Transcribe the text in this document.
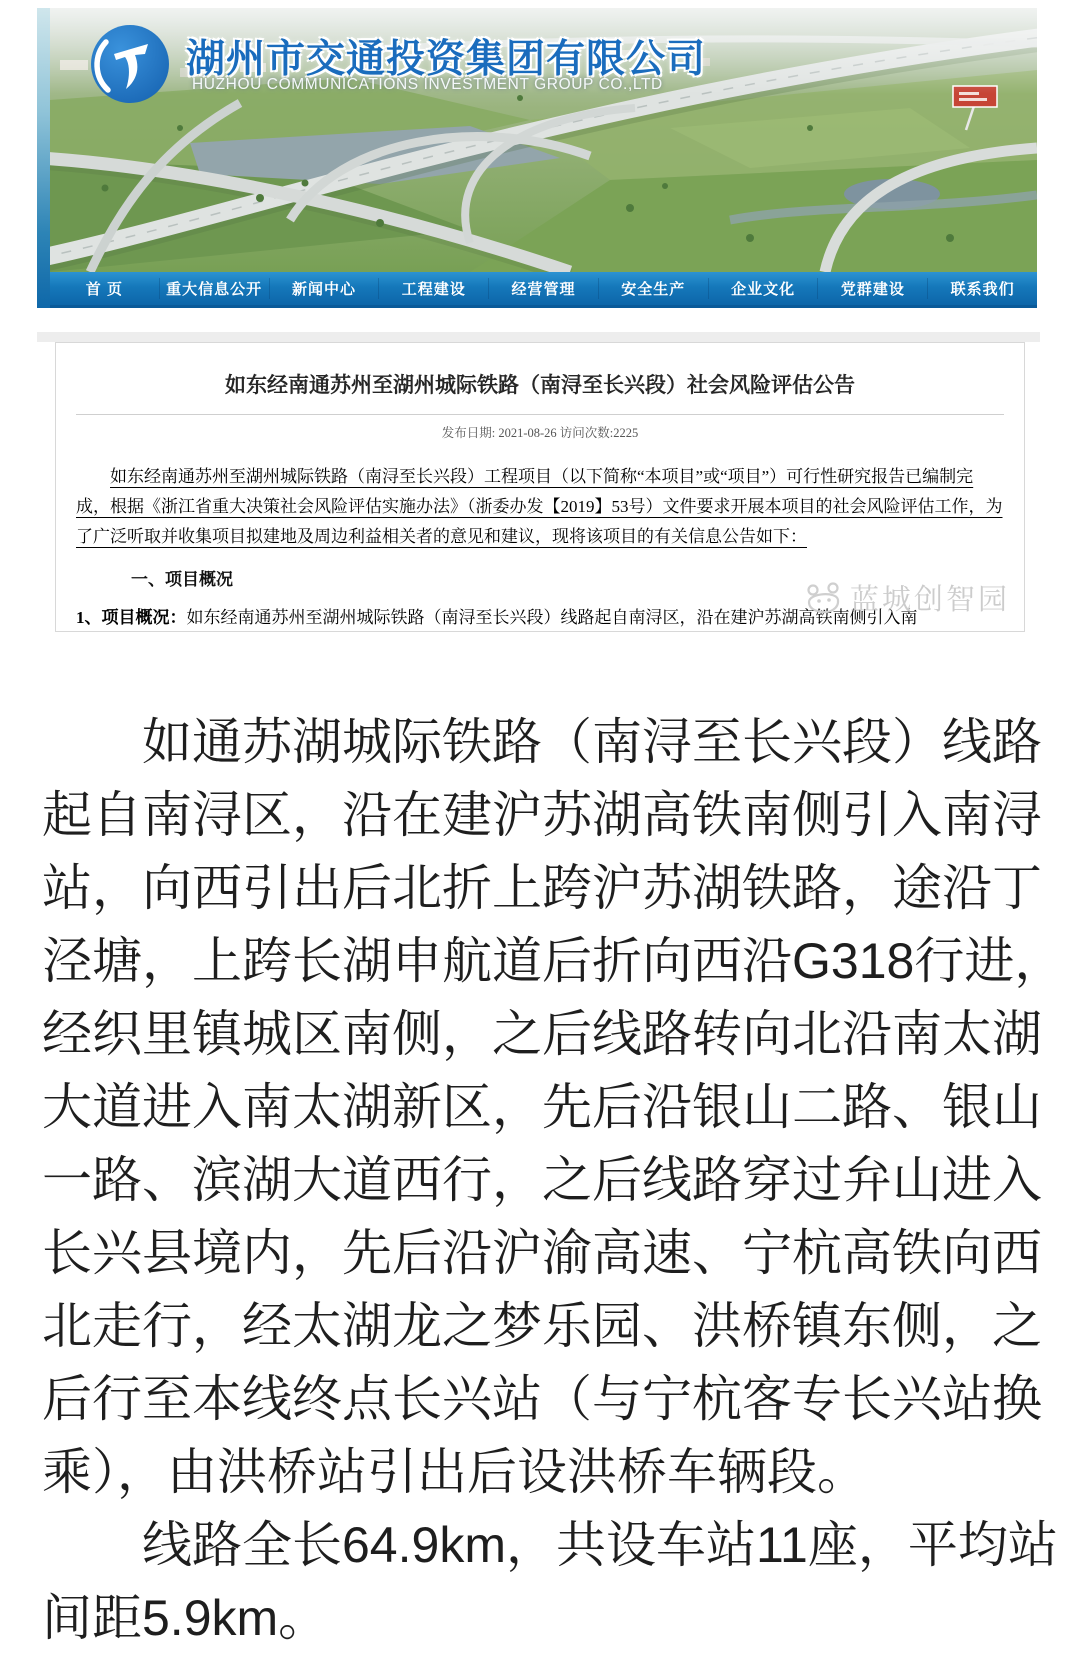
湖州市交通投资集团有限公司
HUZHOU COMMUNICATIONS INVESTMENT GROUP CO.,LTD
首 页	重大信息公开	新闻中心	工程建设	经营管理	安全生产	企业文化	党群建设	联系我们
如东经南通苏州至湖州城际铁路（南浔至长兴段）社会风险评估公告
发布日期: 2021-08-26 访问次数:2225
如东经南通苏州至湖州城际铁路（南浔至长兴段）工程项目（以下简称“本项目”或“项目”）可行性研究报告已编制完成，根据《浙江省重大决策社会风险评估实施办法》（浙委办发【2019】53号）文件要求开展本项目的社会风险评估工作，为了广泛听取并收集项目拟建地及周边利益相关者的意见和建议，现将该项目的有关信息公告如下：
一、项目概况
1、项目概况：如东经南通苏州至湖州城际铁路（南浔至长兴段）线路起自南浔区，沿在建沪苏湖高铁南侧引入南
蓝城创智园
如通苏湖城际铁路（南浔至长兴段）线路
起自南浔区，沿在建沪苏湖高铁南侧引入南浔
站，向西引出后北折上跨沪苏湖铁路，途沿丁
泾塘，上跨长湖申航道后折向西沿G318行进，
经织里镇城区南侧，之后线路转向北沿南太湖
大道进入南太湖新区，先后沿银山二路、银山
一路、滨湖大道西行，之后线路穿过弁山进入
长兴县境内，先后沿沪渝高速、宁杭高铁向西
北走行，经太湖龙之梦乐园、洪桥镇东侧，之
后行至本线终点长兴站（与宁杭客专长兴站换
乘），由洪桥站引出后设洪桥车辆段。
线路全长64.9km，共设车站11座，平均站
间距5.9km。
